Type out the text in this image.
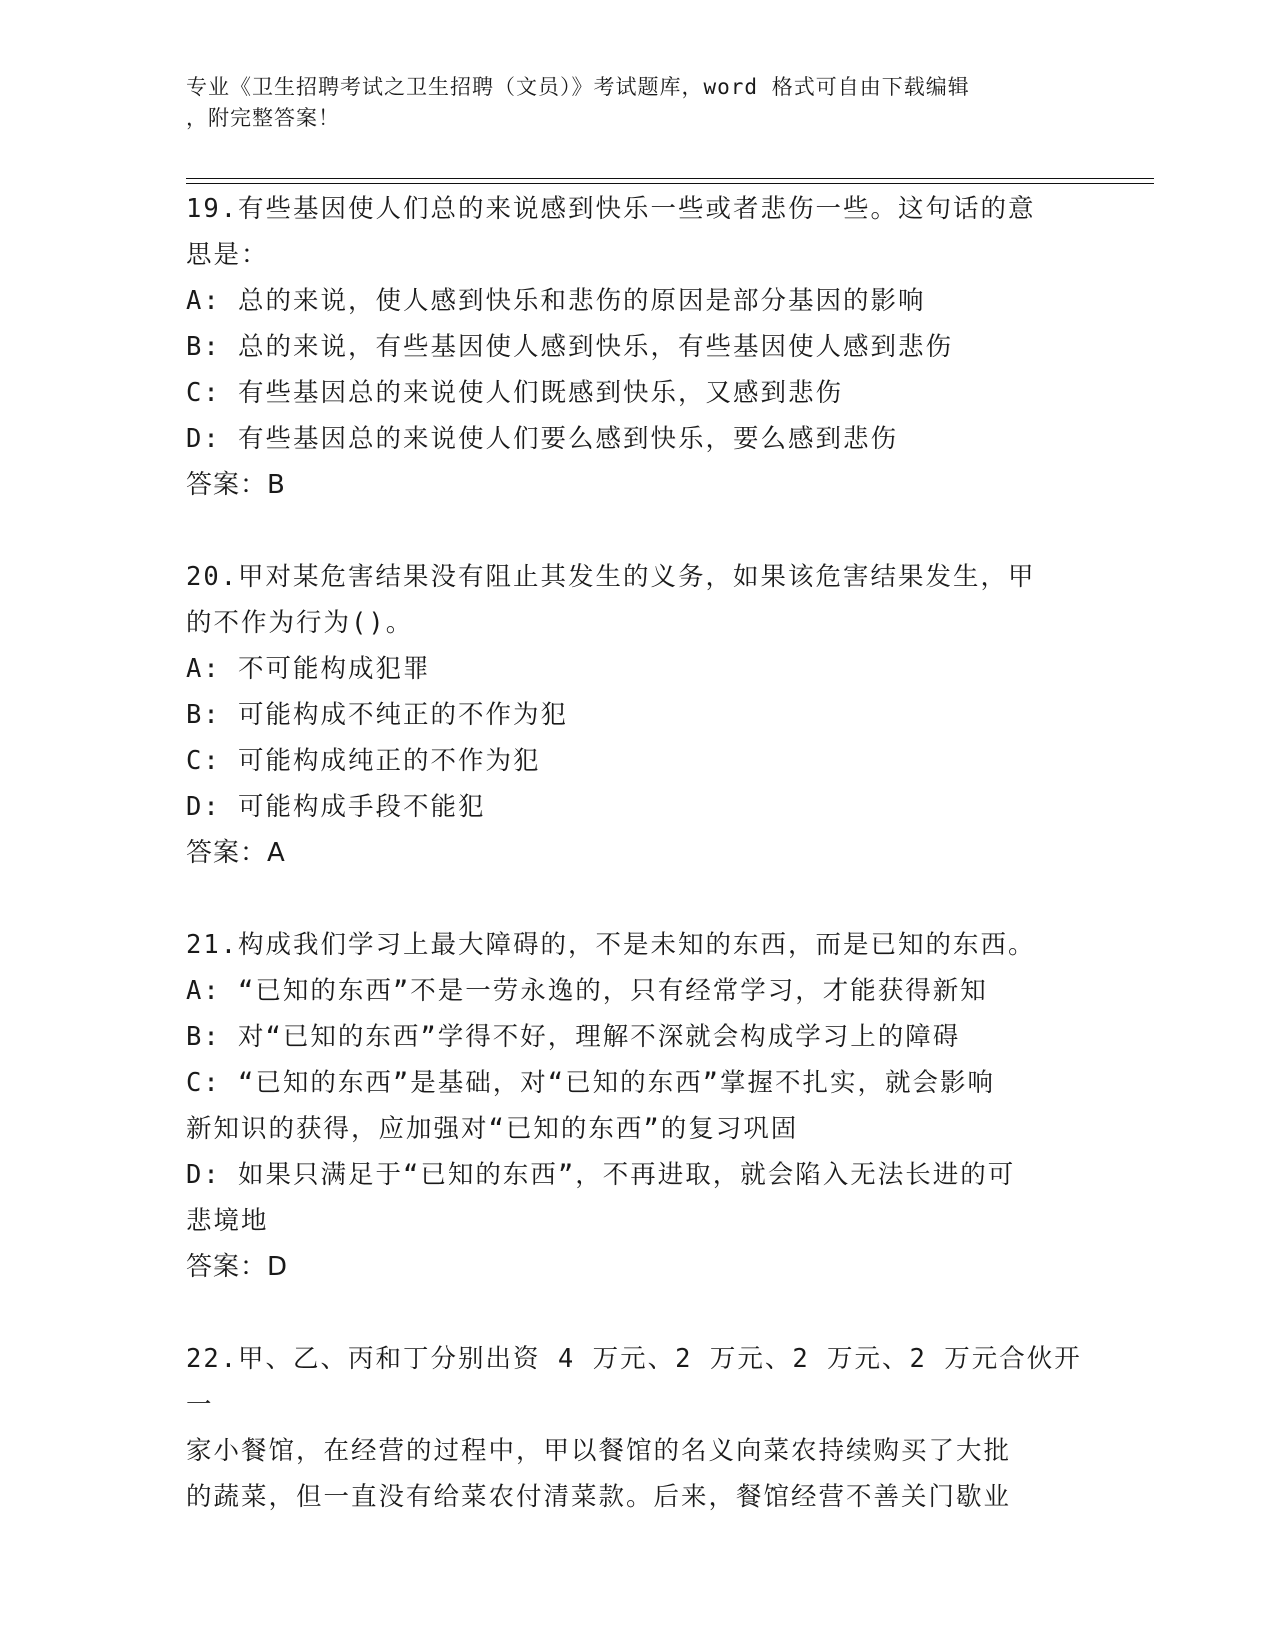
专业《卫生招聘考试之卫生招聘（文员）》考试题库，word 格式可自由下载编辑
，附完整答案！
19.有些基因使人们总的来说感到快乐一些或者悲伤一些。这句话的意
思是：
A: 总的来说，使人感到快乐和悲伤的原因是部分基因的影响
B: 总的来说，有些基因使人感到快乐，有些基因使人感到悲伤
C: 有些基因总的来说使人们既感到快乐，又感到悲伤
D: 有些基因总的来说使人们要么感到快乐，要么感到悲伤
答案：B
20.甲对某危害结果没有阻止其发生的义务，如果该危害结果发生，甲
的不作为行为()。
A: 不可能构成犯罪
B: 可能构成不纯正的不作为犯
C: 可能构成纯正的不作为犯
D: 可能构成手段不能犯
答案：A
21.构成我们学习上最大障碍的，不是未知的东西，而是已知的东西。
A: “已知的东西”不是一劳永逸的，只有经常学习，才能获得新知
B: 对“已知的东西”学得不好，理解不深就会构成学习上的障碍
C: “已知的东西”是基础，对“已知的东西”掌握不扎实，就会影响
新知识的获得，应加强对“已知的东西”的复习巩固
D: 如果只满足于“已知的东西”，不再进取，就会陷入无法长进的可
悲境地
答案：D
22.甲、乙、丙和丁分别出资 4 万元、2 万元、2 万元、2 万元合伙开一
家小餐馆，在经营的过程中，甲以餐馆的名义向菜农持续购买了大批
的蔬菜，但一直没有给菜农付清菜款。后来，餐馆经营不善关门歇业
